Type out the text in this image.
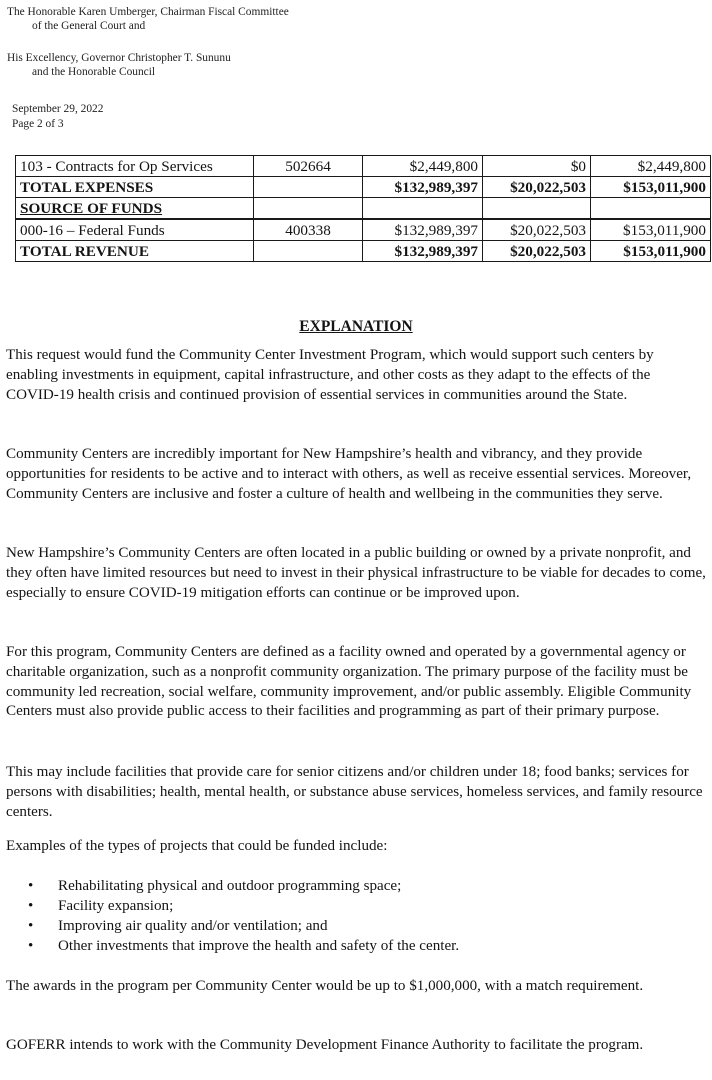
The Honorable Karen Umberger, Chairman Fiscal Committee
of the General Court and
His Excellency, Governor Christopher T. Sununu
and the Honorable Council
September 29, 2022
Page 2 of 3
103 - Contracts for Op Services	502664	$2,449,800	$0	$2,449,800
TOTAL EXPENSES		$132,989,397	$20,022,503	$153,011,900
SOURCE OF FUNDS				
000-16 – Federal Funds	400338	$132,989,397	$20,022,503	$153,011,900
TOTAL REVENUE		$132,989,397	$20,022,503	$153,011,900
EXPLANATION

This request would fund the Community Center Investment Program, which would support such centers by enabling investments in equipment, capital infrastructure, and other costs as they adapt to the effects of the COVID-19 health crisis and continued provision of essential services in communities around the State.

Community Centers are incredibly important for New Hampshire’s health and vibrancy, and they provide opportunities for residents to be active and to interact with others, as well as receive essential services. Moreover, Community Centers are inclusive and foster a culture of health and wellbeing in the communities they serve.

New Hampshire’s Community Centers are often located in a public building or owned by a private nonprofit, and they often have limited resources but need to invest in their physical infrastructure to be viable for decades to come, especially to ensure COVID-19 mitigation efforts can continue or be improved upon.

For this program, Community Centers are defined as a facility owned and operated by a governmental agency or charitable organization, such as a nonprofit community organization. The primary purpose of the facility must be community led recreation, social welfare, community improvement, and/or public assembly. Eligible Community Centers must also provide public access to their facilities and programming as part of their primary purpose.

This may include facilities that provide care for senior citizens and/or children under 18; food banks; services for persons with disabilities; health, mental health, or substance abuse services, homeless services, and family resource centers.

Examples of the types of projects that could be funded include:

• Rehabilitating physical and outdoor programming space;
• Facility expansion;
• Improving air quality and/or ventilation; and
• Other investments that improve the health and safety of the center.

The awards in the program per Community Center would be up to $1,000,000, with a match requirement.

GOFERR intends to work with the Community Development Finance Authority to facilitate the program.
